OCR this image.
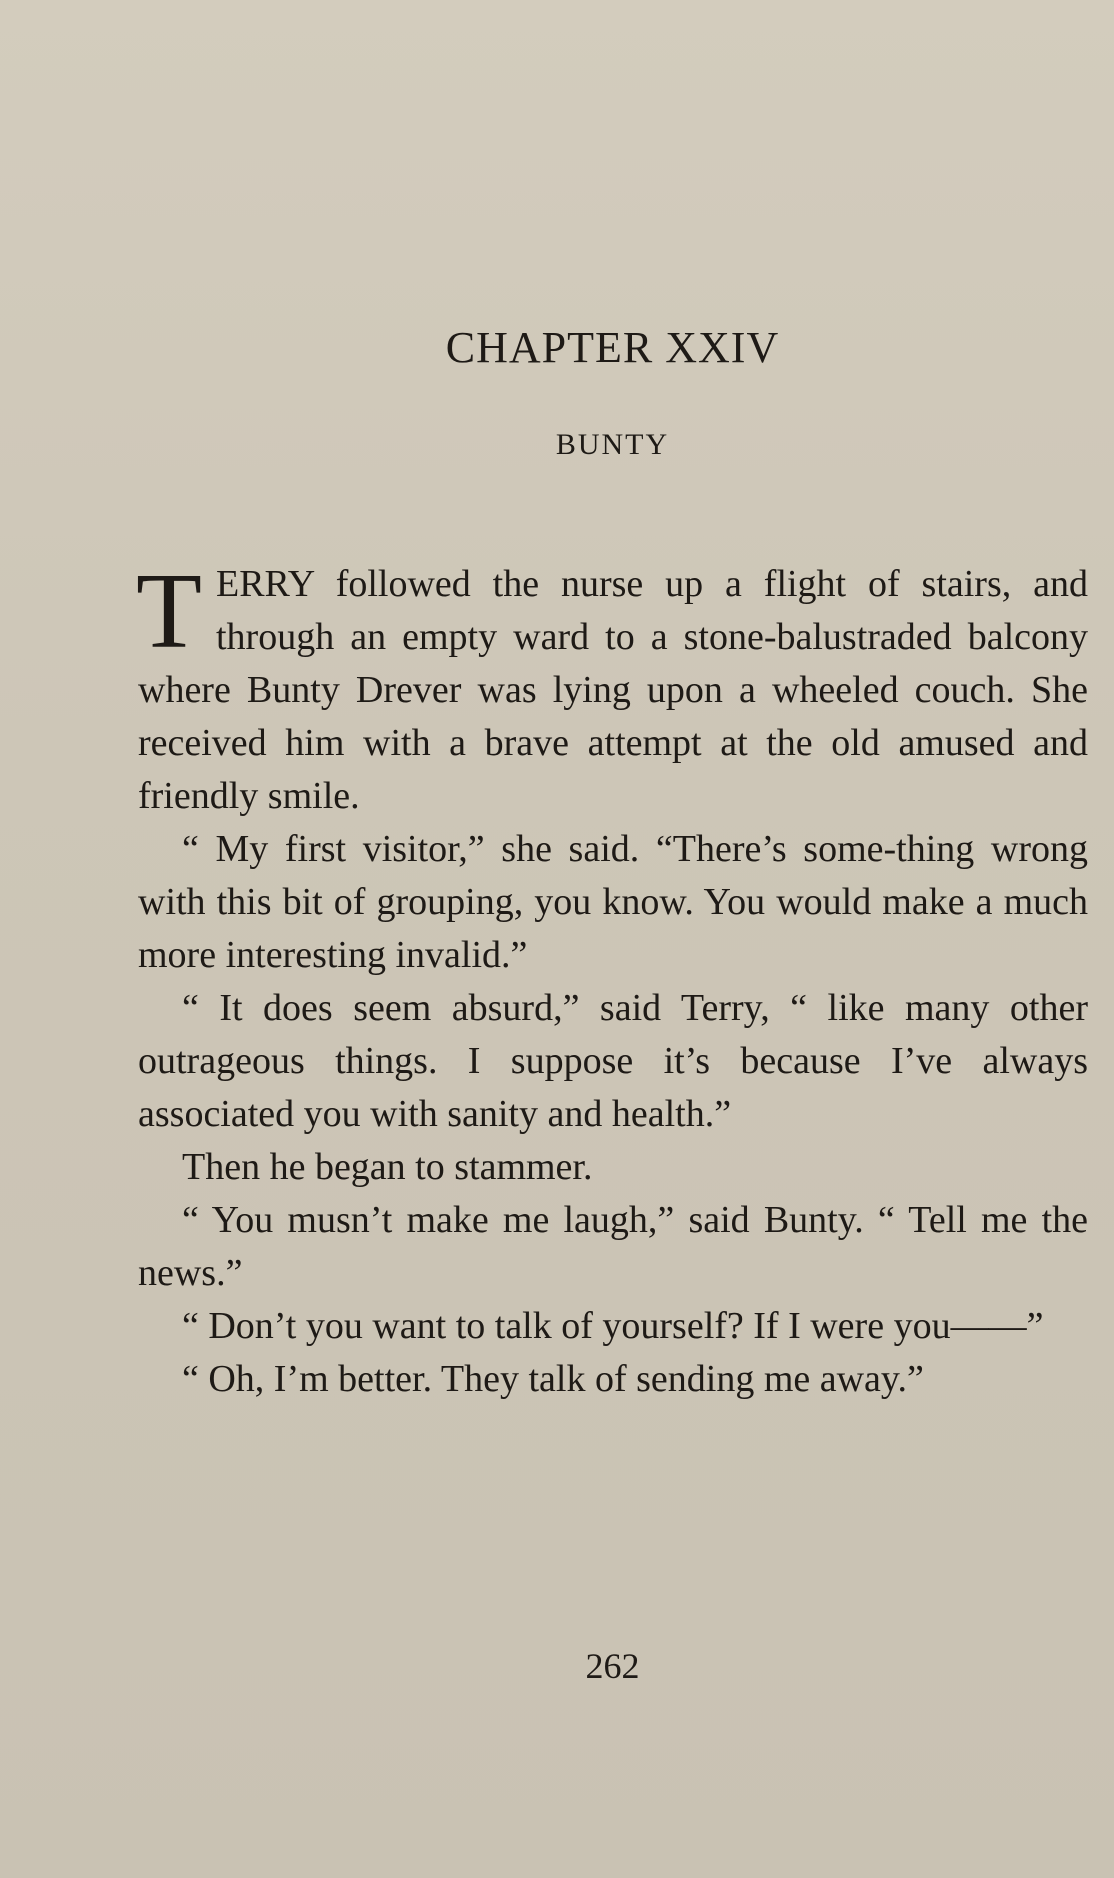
CHAPTER XXIV
BUNTY

TERRY followed the nurse up a flight of stairs, and through an empty ward to a stone-balustraded balcony where Bunty Drever was lying upon a wheeled couch. She received him with a brave attempt at the old amused and friendly smile.

“ My first visitor,” she said. “There’s some-thing wrong with this bit of grouping, you know. You would make a much more interesting invalid.”

“ It does seem absurd,” said Terry, “ like many other outrageous things. I suppose it’s because I’ve always associated you with sanity and health.”

Then he began to stammer.

“ You musn’t make me laugh,” said Bunty. “ Tell me the news.”

“ Don’t you want to talk of yourself? If I were you——”

“ Oh, I’m better. They talk of sending me away.”

262
